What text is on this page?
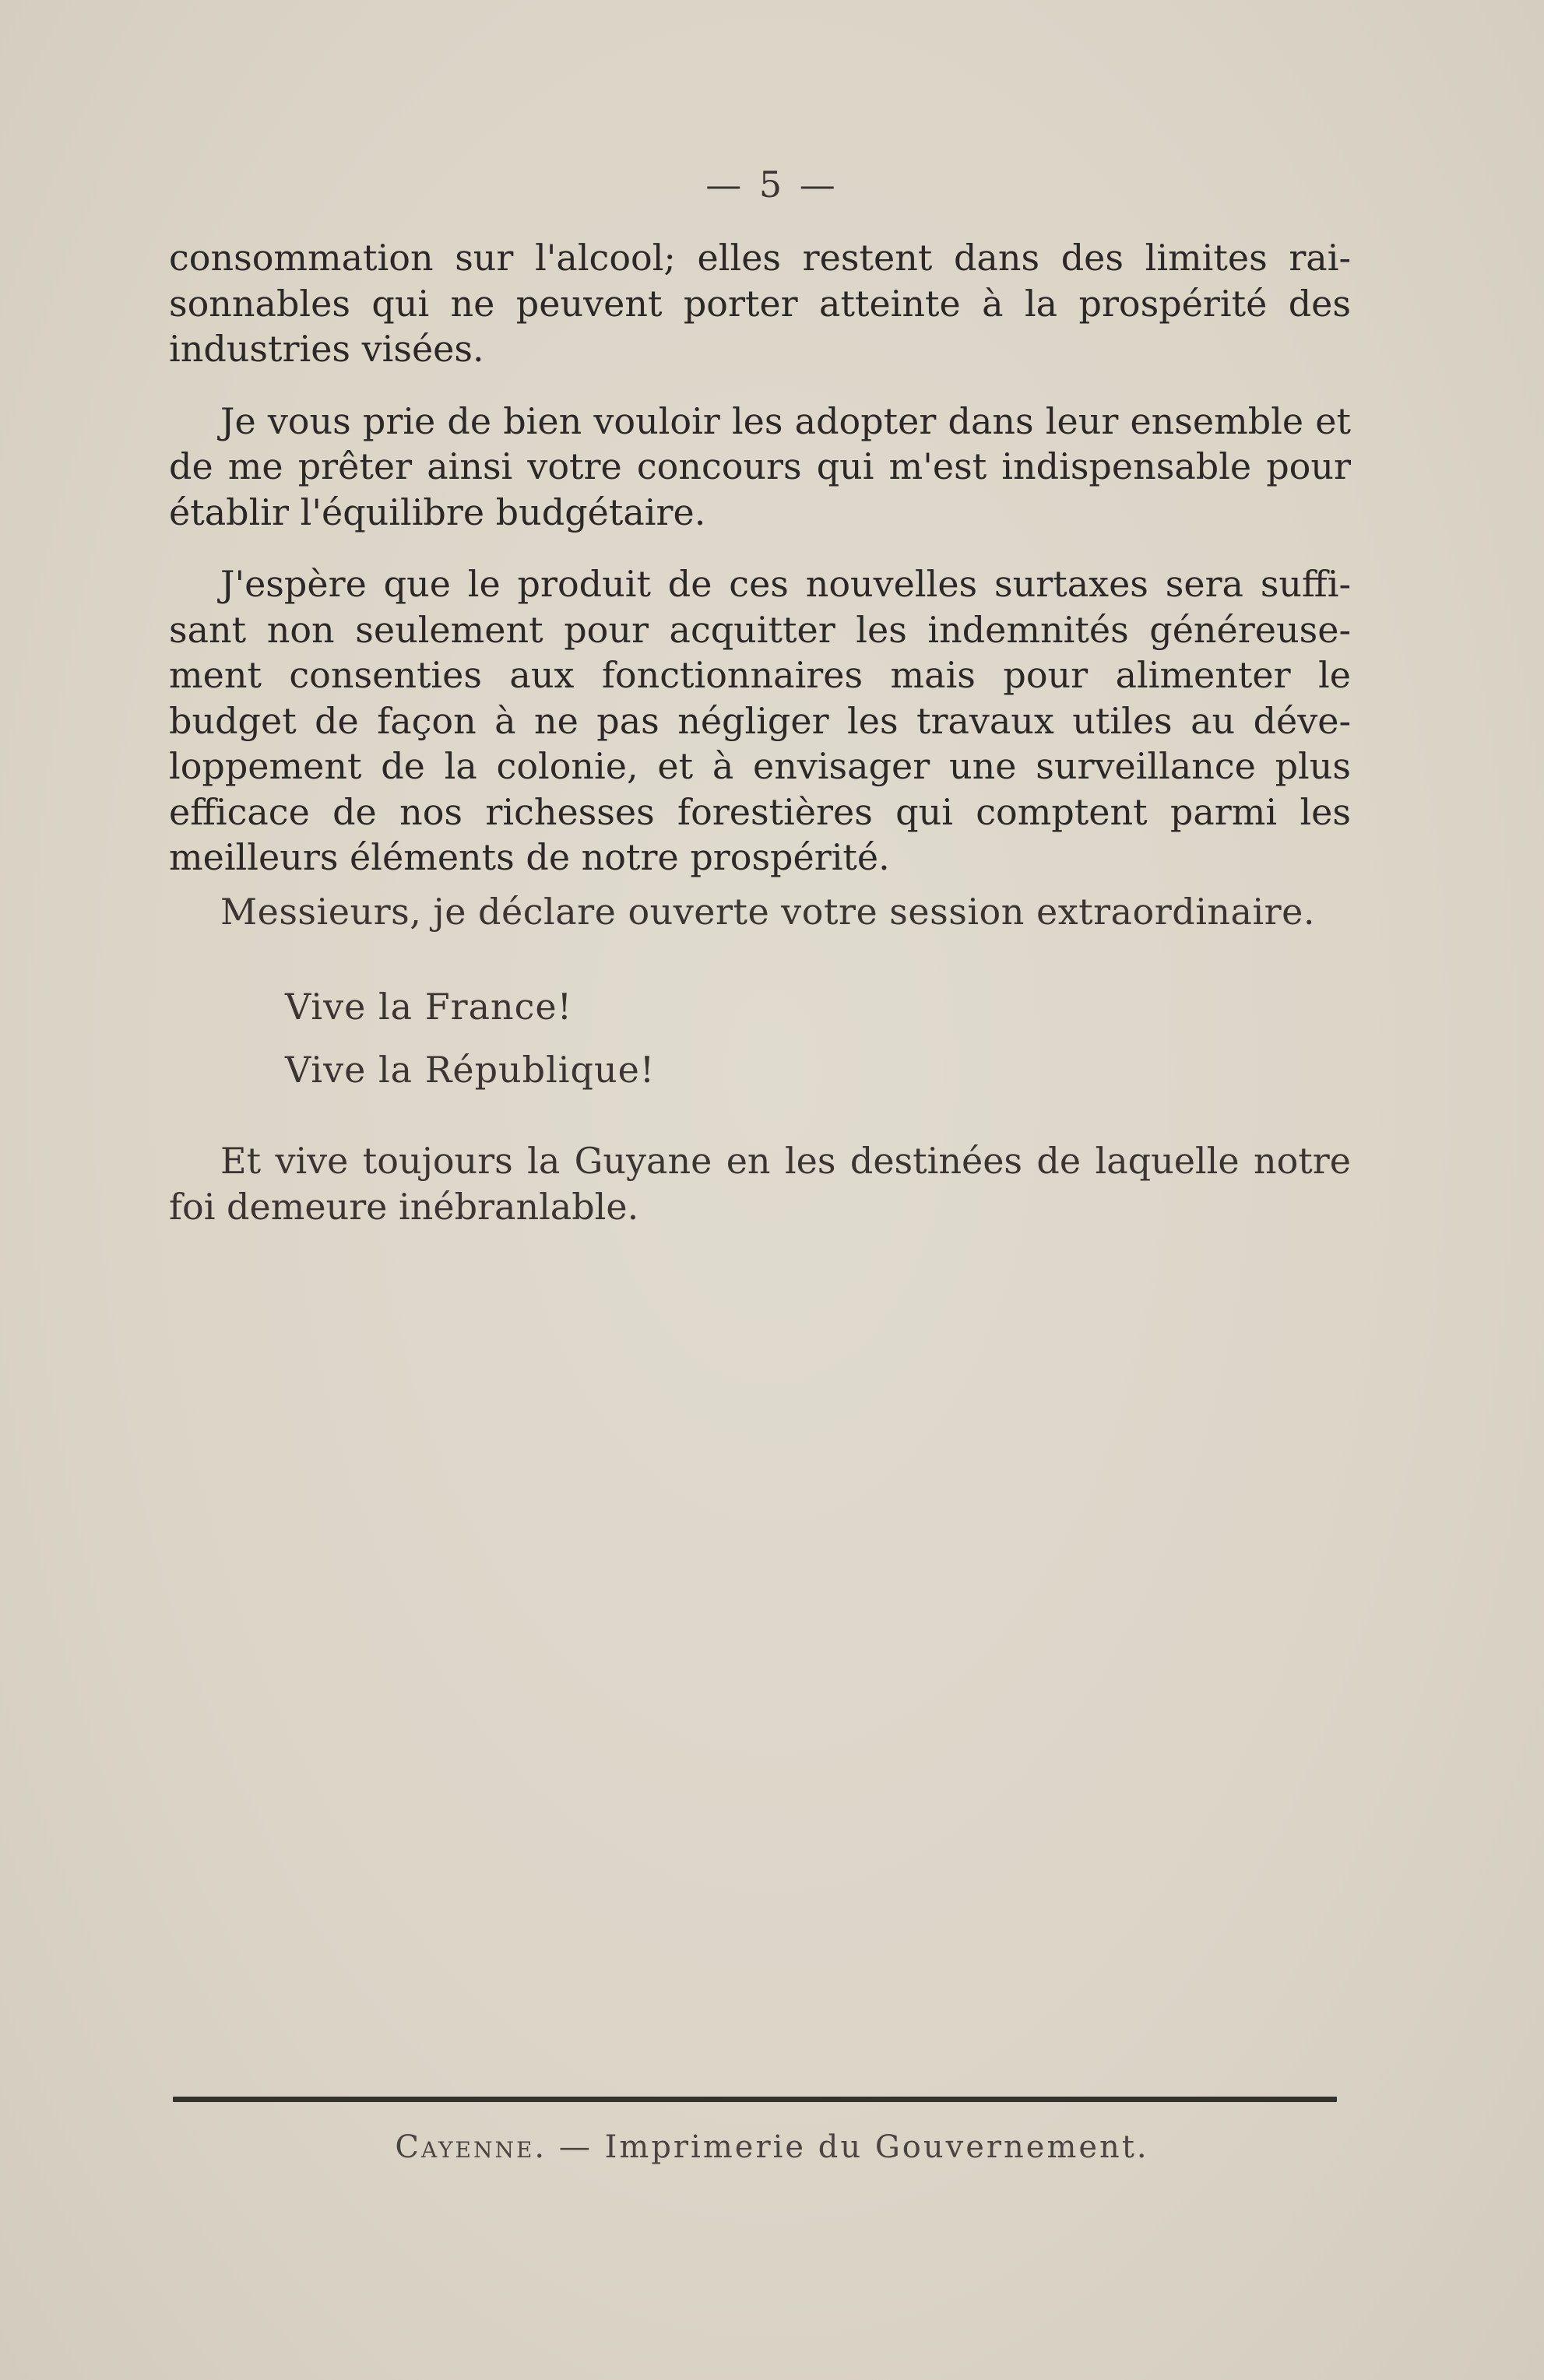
— 5 —

consommation sur l'alcool; elles restent dans des limites raisonnables qui ne peuvent porter atteinte à la prospérité des industries visées.

Je vous prie de bien vouloir les adopter dans leur ensemble et de me prêter ainsi votre concours qui m'est indispensable pour établir l'équilibre budgétaire.

J'espère que le produit de ces nouvelles surtaxes sera suffisant non seulement pour acquitter les indemnités généreusement consenties aux fonctionnaires mais pour alimenter le budget de façon à ne pas négliger les travaux utiles au développement de la colonie, et à envisager une surveillance plus efficace de nos richesses forestières qui comptent parmi les meilleurs éléments de notre prospérité.

Messieurs, je déclare ouverte votre session extraordinaire.
Vive la France!
Vive la République!
Et vive toujours la Guyane en les destinées de laquelle notre foi demeure inébranlable.
Cayenne. — Imprimerie du Gouvernement.
